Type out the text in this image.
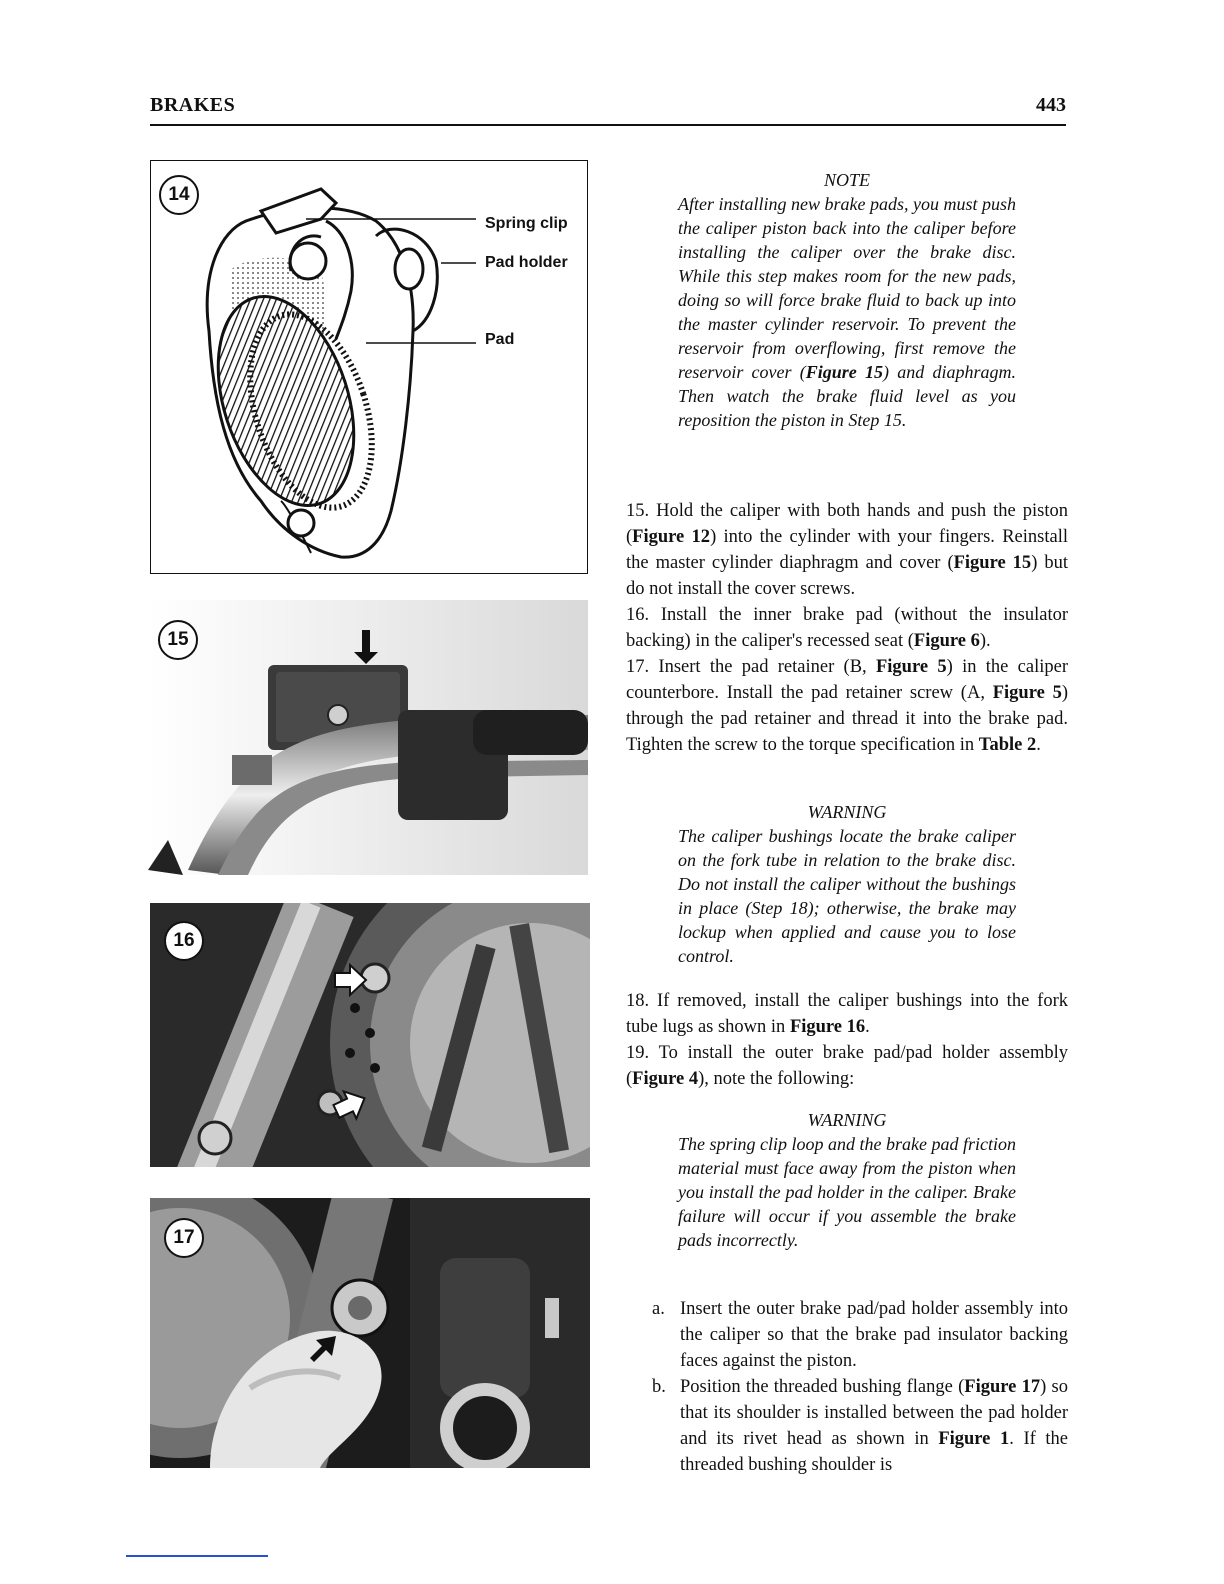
BRAKES	443
14
Spring clip
Pad holder
Pad
15
16
17
NOTE

After installing new brake pads, you must push the caliper piston back into the caliper before installing the caliper over the brake disc. While this step makes room for the new pads, doing so will force brake fluid to back up into the master cylinder reservoir. To prevent the reservoir from overflowing, first remove the reservoir cover (Figure 15) and diaphragm. Then watch the brake fluid level as you reposition the piston in Step 15.

15. Hold the caliper with both hands and push the piston (Figure 12) into the cylinder with your fingers. Reinstall the master cylinder diaphragm and cover (Figure 15) but do not install the cover screws.

16. Install the inner brake pad (without the insulator backing) in the caliper's recessed seat (Figure 6).

17. Insert the pad retainer (B, Figure 5) in the caliper counterbore. Install the pad retainer screw (A, Figure 5) through the pad retainer and thread it into the brake pad. Tighten the screw to the torque specification in Table 2.

WARNING

The caliper bushings locate the brake caliper on the fork tube in relation to the brake disc. Do not install the caliper without the bushings in place (Step 18); otherwise, the brake may lockup when applied and cause you to lose control.

18. If removed, install the caliper bushings into the fork tube lugs as shown in Figure 16.

19. To install the outer brake pad/pad holder assembly (Figure 4), note the following:

WARNING

The spring clip loop and the brake pad friction material must face away from the piston when you install the pad holder in the caliper. Brake failure will occur if you assemble the brake pads incorrectly.

a. Insert the outer brake pad/pad holder assembly into the caliper so that the brake pad insulator backing faces against the piston.
b. Position the threaded bushing flange (Figure 17) so that its shoulder is installed between the pad holder and its rivet head as shown in Figure 1. If the threaded bushing shoulder is
